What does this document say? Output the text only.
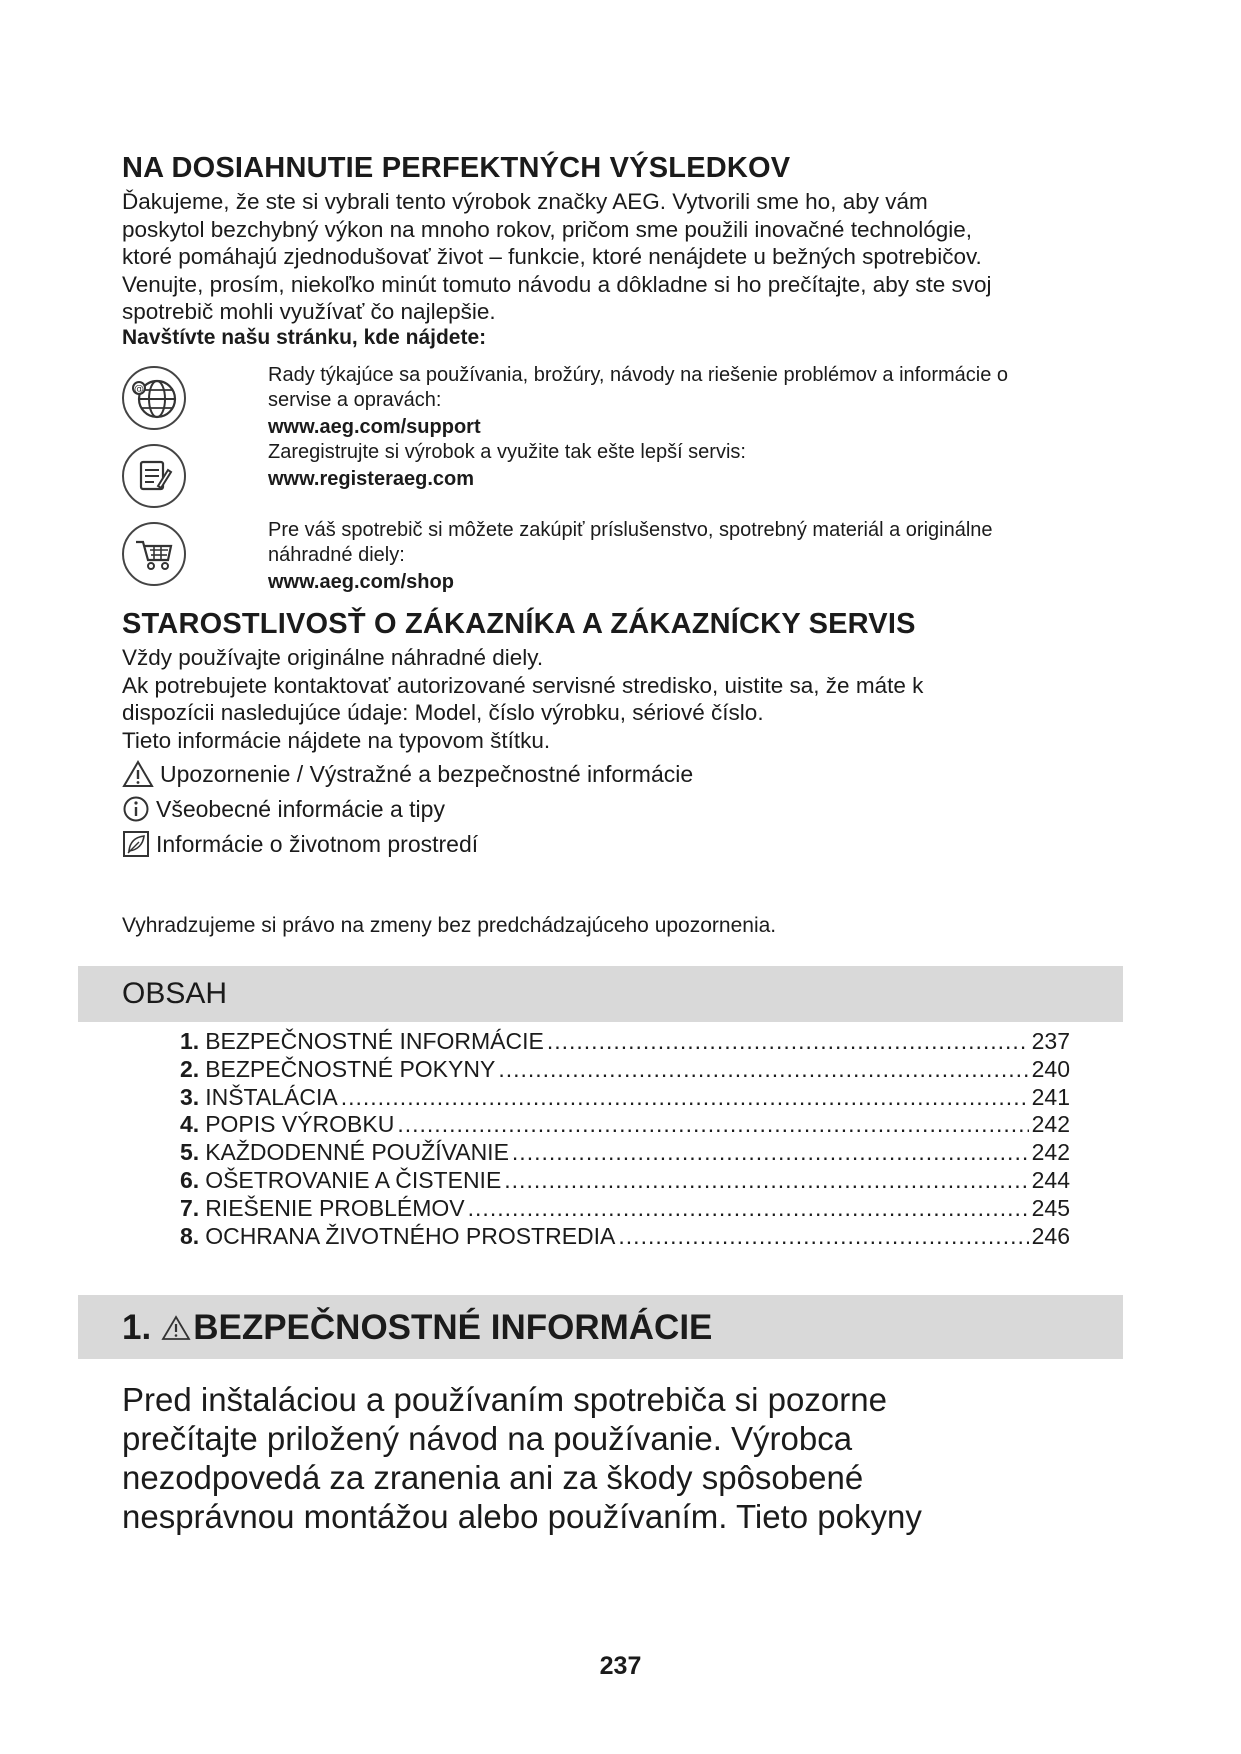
NA DOSIAHNUTIE PERFEKTNÝCH VÝSLEDKOV
Ďakujeme, že ste si vybrali tento výrobok značky AEG. Vytvorili sme ho, aby vám
poskytol bezchybný výkon na mnoho rokov, pričom sme použili inovačné technológie,
ktoré pomáhajú zjednodušovať život – funkcie, ktoré nenájdete u bežných spotrebičov.
Venujte, prosím, niekoľko minút tomuto návodu a dôkladne si ho prečítajte, aby ste svoj
spotrebič mohli využívať čo najlepšie.
Navštívte našu stránku, kde nájdete:
@
Rady týkajúce sa používania, brožúry, návody na riešenie problémov a informácie o
servise a opravách:
www.aeg.com/support
Zaregistrujte si výrobok a využite tak ešte lepší servis:
www.registeraeg.com
Pre váš spotrebič si môžete zakúpiť príslušenstvo, spotrebný materiál a originálne
náhradné diely:
www.aeg.com/shop
STAROSTLIVOSŤ O ZÁKAZNÍKA A ZÁKAZNÍCKY SERVIS
Vždy používajte originálne náhradné diely.
Ak potrebujete kontaktovať autorizované servisné stredisko, uistite sa, že máte k
dispozícii nasledujúce údaje: Model, číslo výrobku, sériové číslo.
Tieto informácie nájdete na typovom štítku.
Upozornenie / Výstražné a bezpečnostné informácie
Všeobecné informácie a tipy
Informácie o životnom prostredí
Vyhradzujeme si právo na zmeny bez predchádzajúceho upozornenia.
OBSAH
1. BEZPEČNOSTNÉ INFORMÁCIE .....	237
2. BEZPEČNOSTNÉ POKYNY .....	240
3. INŠTALÁCIA .....	241
4. POPIS VÝROBKU .....	242
5. KAŽDODENNÉ POUŽÍVANIE .....	242
6. OŠETROVANIE A ČISTENIE .....	244
7. RIEŠENIE PROBLÉMOV .....	245
8. OCHRANA ŽIVOTNÉHO PROSTREDIA .....	246
1. BEZPEČNOSTNÉ INFORMÁCIE
Pred inštaláciou a používaním spotrebiča si pozorne
prečítajte priložený návod na používanie. Výrobca
nezodpovedá za zranenia ani za škody spôsobené
nesprávnou montážou alebo používaním. Tieto pokyny
237
